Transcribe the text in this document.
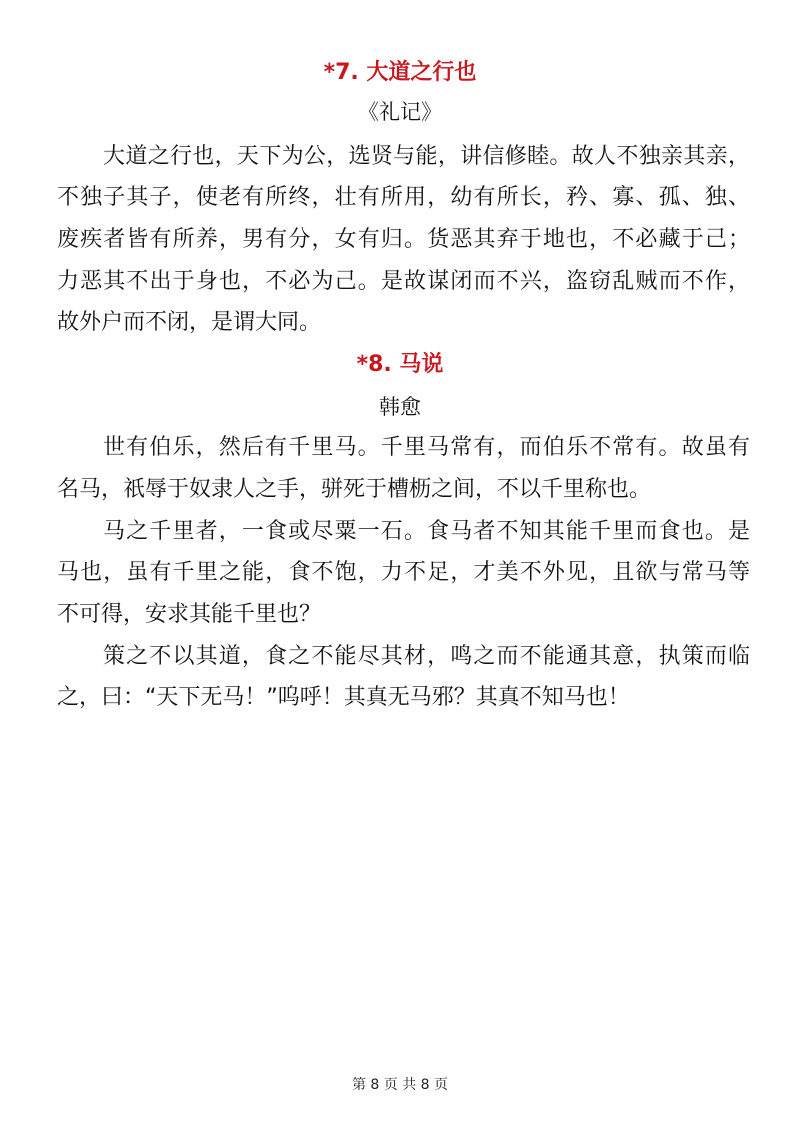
*7. 大道之行也
《礼记》
大道之行也，天下为公，选贤与能，讲信修睦。故人不独亲其亲，
不独子其子，使老有所终，壮有所用，幼有所长，矜、寡、孤、独、
废疾者皆有所养，男有分，女有归。货恶其弃于地也，不必藏于己；
力恶其不出于身也，不必为己。是故谋闭而不兴，盗窃乱贼而不作，
故外户而不闭，是谓大同。
*8. 马说
韩愈
世有伯乐，然后有千里马。千里马常有，而伯乐不常有。故虽有
名马，祇辱于奴隶人之手，骈死于槽枥之间，不以千里称也。
马之千里者，一食或尽粟一石。食马者不知其能千里而食也。是
马也，虽有千里之能，食不饱，力不足，才美不外见，且欲与常马等
不可得，安求其能千里也？
策之不以其道，食之不能尽其材，鸣之而不能通其意，执策而临
之，曰：“天下无马！”呜呼！其真无马邪？其真不知马也！
第 8 页 共 8 页
